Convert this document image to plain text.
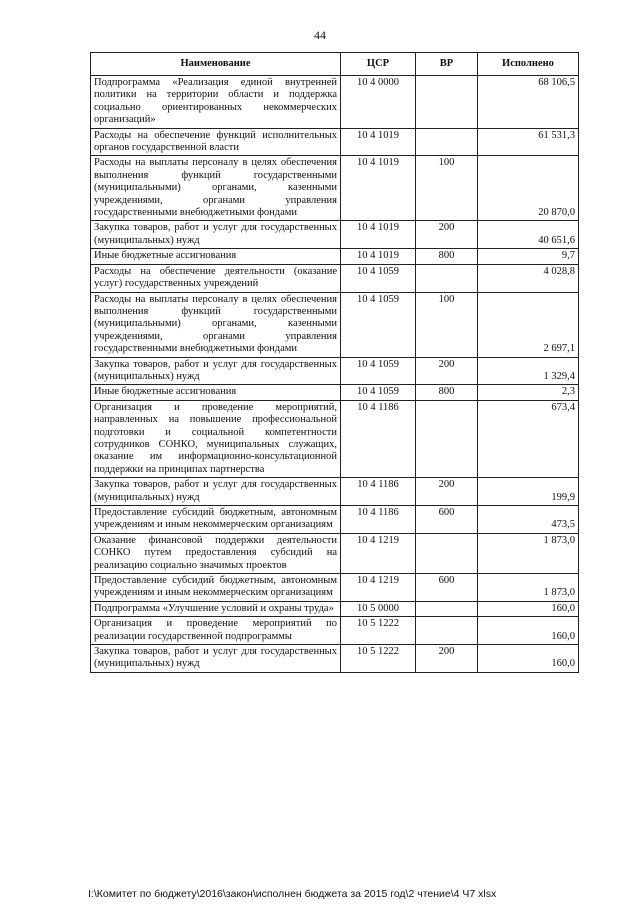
44
Наименование	ЦСР	ВР	Исполнено
Подпрограмма «Реализация единой внутренней политики на территории области и поддержка социально ориентированных некоммерческих организаций»	10 4 0000		68 106,5
Расходы на обеспечение функций исполнительных органов государственной власти	10 4 1019		61 531,3
Расходы на выплаты персоналу в целях обеспечения выполнения функций государственными (муниципальными) органами, казенными учреждениями, органами управления государственными внебюджетными фондами	10 4 1019	100	20 870,0
Закупка товаров, работ и услуг для государственных (муниципальных) нужд	10 4 1019	200	40 651,6
Иные бюджетные ассигнования	10 4 1019	800	9,7
Расходы на обеспечение деятельности (оказание услуг) государственных учреждений	10 4 1059		4 028,8
Расходы на выплаты персоналу в целях обеспечения выполнения функций государственными (муниципальными) органами, казенными учреждениями, органами управления государственными внебюджетными фондами	10 4 1059	100	2 697,1
Закупка товаров, работ и услуг для государственных (муниципальных) нужд	10 4 1059	200	1 329,4
Иные бюджетные ассигнования	10 4 1059	800	2,3
Организация и проведение мероприятий, направленных на повышение профессиональной подготовки и социальной компетентности сотрудников СОНКО, муниципальных служащих, оказание им информационно-консультационной поддержки на принципах партнерства	10 4 1186		673,4
Закупка товаров, работ и услуг для государственных (муниципальных) нужд	10 4 1186	200	199,9
Предоставление субсидий бюджетным, автономным учреждениям и иным некоммерческим организациям	10 4 1186	600	473,5
Оказание финансовой поддержки деятельности СОНКО путем предоставления субсидий на реализацию социально значимых проектов	10 4 1219		1 873,0
Предоставление субсидий бюджетным, автономным учреждениям и иным некоммерческим организациям	10 4 1219	600	1 873,0
Подпрограмма «Улучшение условий и охраны труда»	10 5 0000		160,0
Организация и проведение мероприятий по реализации государственной подпрограммы	10 5 1222		160,0
Закупка товаров, работ и услуг для государственных (муниципальных) нужд	10 5 1222	200	160,0
I:\Комитет по бюджету\2016\закон\исполнен бюджета за 2015 год\2 чтение\4 Ч7 xlsx
